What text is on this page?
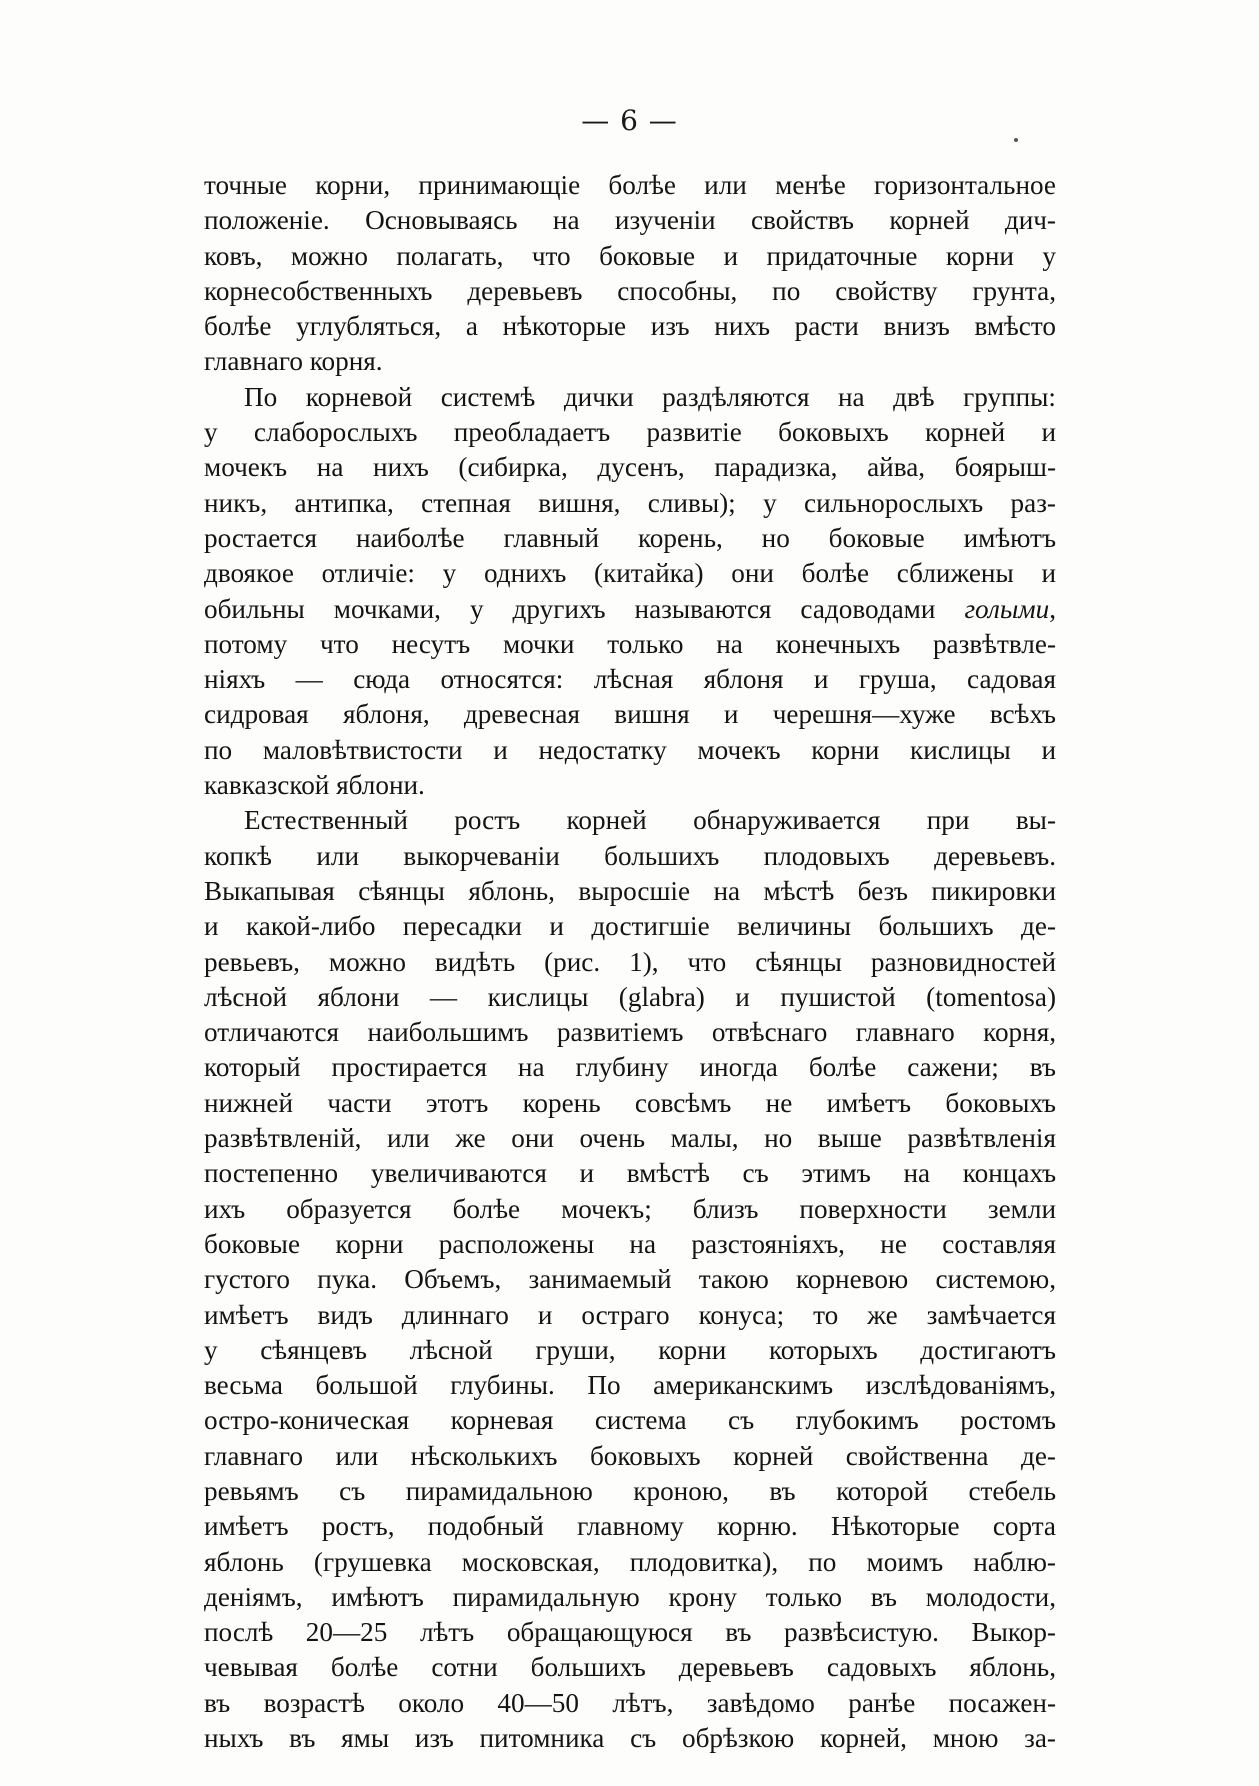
— 6 —
точные корни, принимающіе болѣе или менѣе горизонтальное
положеніе. Основываясь на изученіи свойствъ корней дич-
ковъ, можно полагать, что боковые и придаточные корни у
корнесобственныхъ деревьевъ способны, по свойству грунта,
болѣе углубляться, а нѣкоторые изъ нихъ расти внизъ вмѣсто
главнаго корня.
По корневой системѣ дички раздѣляются на двѣ группы:
у слаборослыхъ преобладаетъ развитіе боковыхъ корней и
мочекъ на нихъ (сибирка, дусенъ, парадизка, айва, боярыш-
никъ, антипка, степная вишня, сливы); у сильнорослыхъ раз-
ростается наиболѣе главный корень, но боковые имѣютъ
двоякое отличіе: у однихъ (китайка) они болѣе сближены и
обильны мочками, у другихъ называются садоводами голыми,
потому что несутъ мочки только на конечныхъ развѣтвле-
ніяхъ — сюда относятся: лѣсная яблоня и груша, садовая
сидровая яблоня, древесная вишня и черешня—хуже всѣхъ
по маловѣтвистости и недостатку мочекъ корни кислицы и
кавказской яблони.
Естественный ростъ корней обнаруживается при вы-
копкѣ или выкорчеваніи большихъ плодовыхъ деревьевъ.
Выкапывая сѣянцы яблонь, выросшіе на мѣстѣ безъ пикировки
и какой-либо пересадки и достигшіе величины большихъ де-
ревьевъ, можно видѣть (рис. 1), что сѣянцы разновидностей
лѣсной яблони — кислицы (glabra) и пушистой (tomentosa)
отличаются наибольшимъ развитіемъ отвѣснаго главнаго корня,
который простирается на глубину иногда болѣе сажени; въ
нижней части этотъ корень совсѣмъ не имѣетъ боковыхъ
развѣтвленій, или же они очень малы, но выше развѣтвленія
постепенно увеличиваются и вмѣстѣ съ этимъ на концахъ
ихъ образуется болѣе мочекъ; близъ поверхности земли
боковые корни расположены на разстояніяхъ, не составляя
густого пука. Объемъ, занимаемый такою корневою системою,
имѣетъ видъ длиннаго и остраго конуса; то же замѣчается
у сѣянцевъ лѣсной груши, корни которыхъ достигаютъ
весьма большой глубины. По американскимъ изслѣдованіямъ,
остро-коническая корневая система съ глубокимъ ростомъ
главнаго или нѣсколькихъ боковыхъ корней свойственна де-
ревьямъ съ пирамидальною кроною, въ которой стебель
имѣетъ ростъ, подобный главному корню. Нѣкоторые сорта
яблонь (грушевка московская, плодовитка), по моимъ наблю-
деніямъ, имѣютъ пирамидальную крону только въ молодости,
послѣ 20—25 лѣтъ обращающуюся въ развѣсистую. Выкор-
чевывая болѣе сотни большихъ деревьевъ садовыхъ яблонь,
въ возрастѣ около 40—50 лѣтъ, завѣдомо ранѣе посажен-
ныхъ въ ямы изъ питомника съ обрѣзкою корней, мною за-
